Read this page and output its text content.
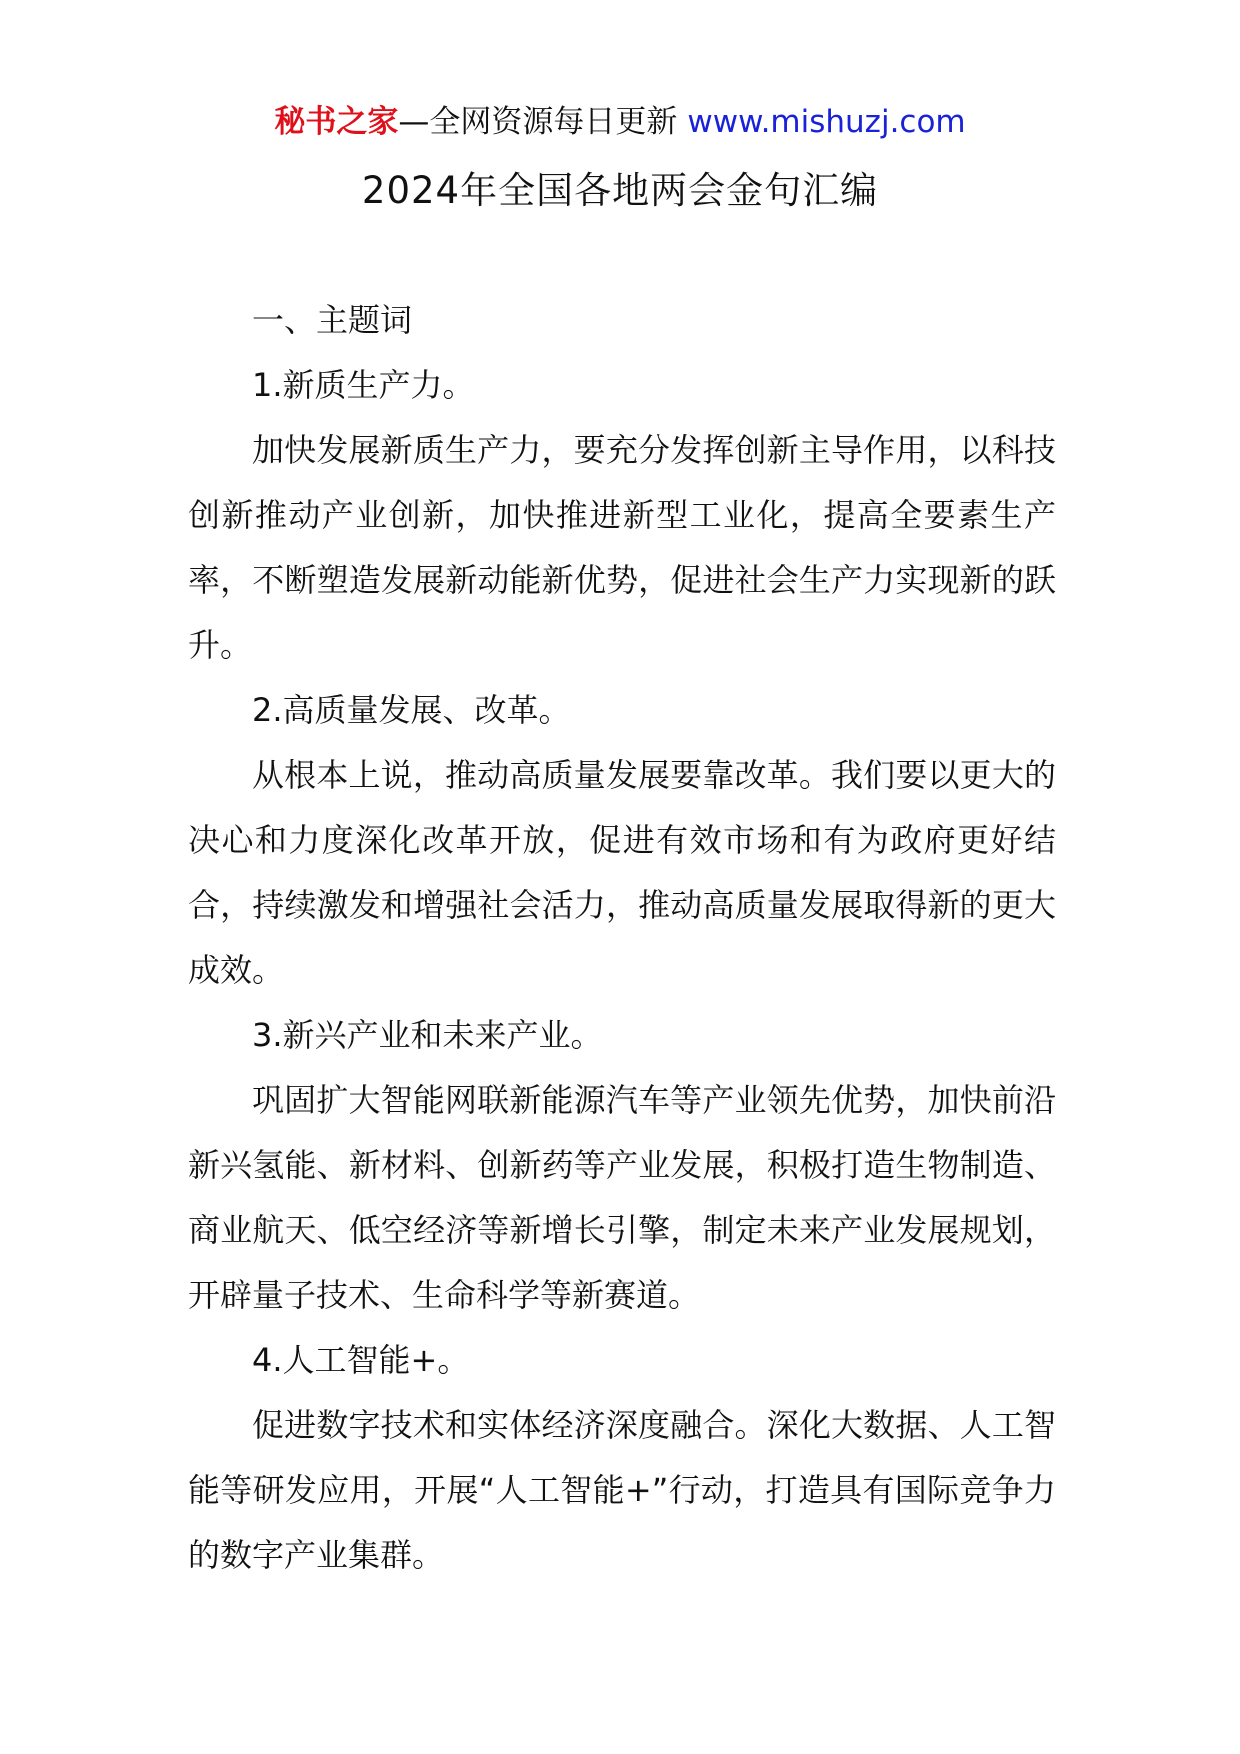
秘书之家—全网资源每日更新 www.mishuzj.com
2024年全国各地两会金句汇编

一、主题词

1.新质生产力。

加快发展新质生产力，要充分发挥创新主导作用，以科技创新推动产业创新，加快推进新型工业化，提高全要素生产率，不断塑造发展新动能新优势，促进社会生产力实现新的跃升。

2.高质量发展、改革。

从根本上说，推动高质量发展要靠改革。我们要以更大的决心和力度深化改革开放，促进有效市场和有为政府更好结合，持续激发和增强社会活力，推动高质量发展取得新的更大成效。

3.新兴产业和未来产业。

巩固扩大智能网联新能源汽车等产业领先优势，加快前沿新兴氢能、新材料、创新药等产业发展，积极打造生物制造、商业航天、低空经济等新增长引擎，制定未来产业发展规划，开辟量子技术、生命科学等新赛道。

4.人工智能+。

促进数字技术和实体经济深度融合。深化大数据、人工智能等研发应用，开展“人工智能+”行动，打造具有国际竞争力的数字产业集群。
